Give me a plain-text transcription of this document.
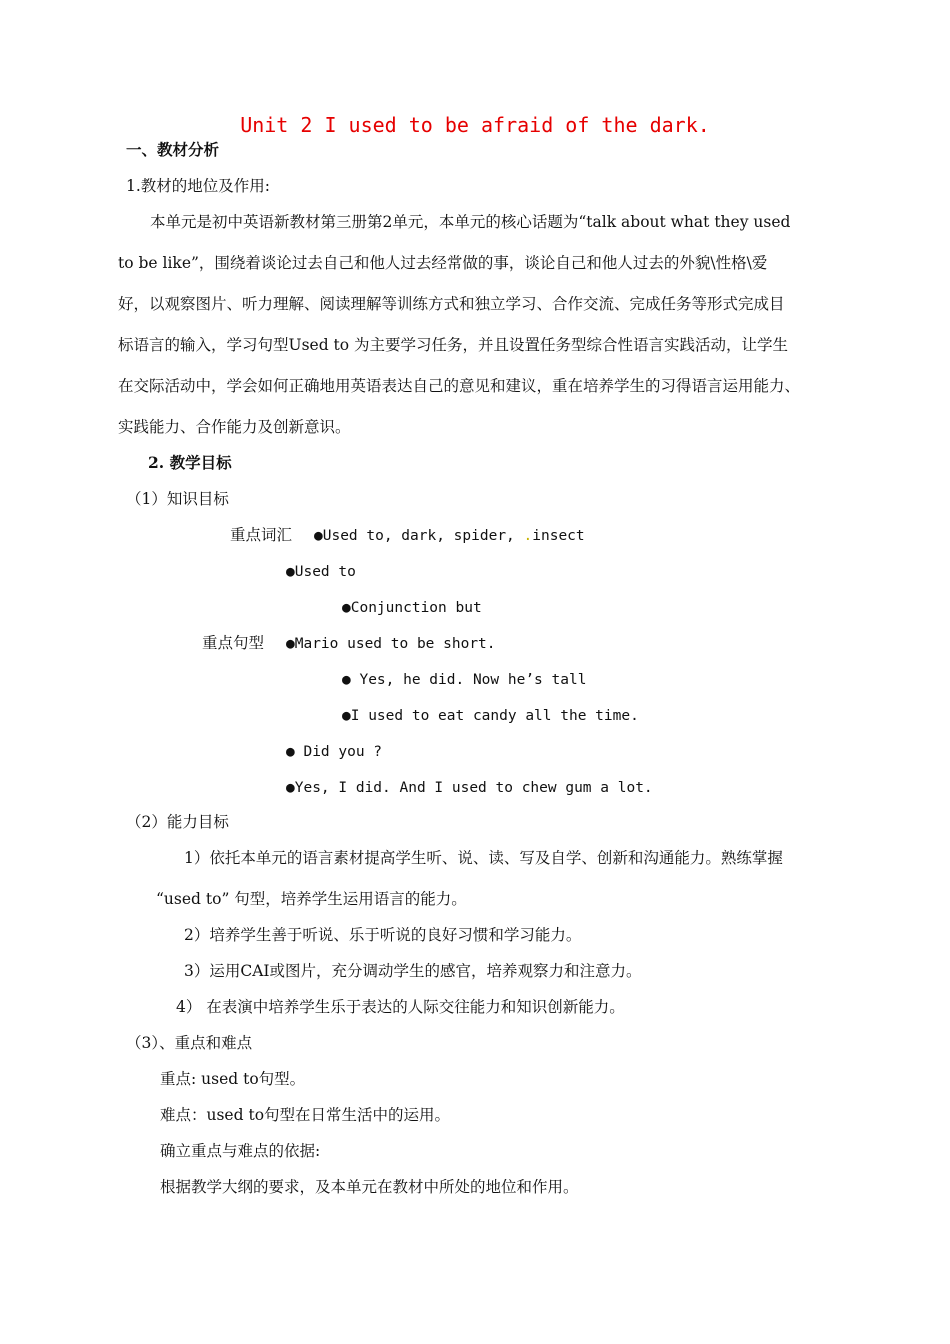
Unit 2 I used to be afraid of the dark.
一、教材分析
1.教材的地位及作用:
本单元是初中英语新教材第三册第2单元，本单元的核心话题为“talk about what they used
to be like”，围绕着谈论过去自己和他人过去经常做的事，谈论自己和他人过去的外貌\性格\爱
好，以观察图片、听力理解、阅读理解等训练方式和独立学习、合作交流、完成任务等形式完成目
标语言的输入，学习句型Used to 为主要学习任务，并且设置任务型综合性语言实践活动，让学生
在交际活动中，学会如何正确地用英语表达自己的意见和建议，重在培养学生的习得语言运用能力、
实践能力、合作能力及创新意识。
2. 教学目标
（1）知识目标
重点词汇 ●Used to, dark, spider, .insect
●Used to
●Conjunction but
重点句型 ●Mario used to be short.
● Yes, he did. Now he’s tall
●I used to eat candy all the time.
● Did you ?
●Yes, I did. And I used to chew gum a lot.
（2）能力目标
1）依托本单元的语言素材提高学生听、说、读、写及自学、创新和沟通能力。熟练掌握
“used to” 句型，培养学生运用语言的能力。
2）培养学生善于听说、乐于听说的良好习惯和学习能力。
3）运用CAI或图片，充分调动学生的感官，培养观察力和注意力。
4） 在表演中培养学生乐于表达的人际交往能力和知识创新能力。
（3）、重点和难点
重点: used to句型。
难点：used to句型在日常生活中的运用。
确立重点与难点的依据:
根据教学大纲的要求，及本单元在教材中所处的地位和作用。
